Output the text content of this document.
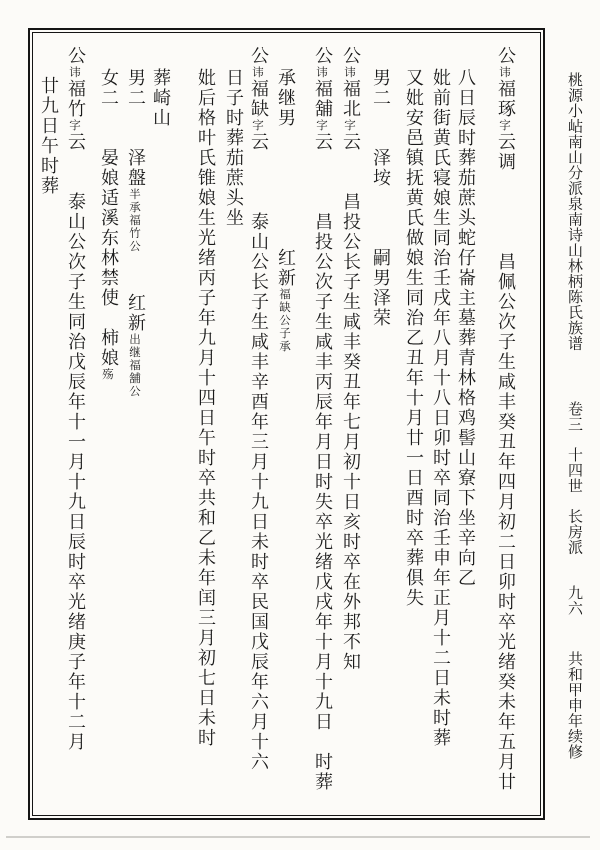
公讳福琢字云调昌佩公次子生咸丰癸丑年四月初二日卯时卒光绪癸未年五月廿
八日辰时葬茄蔗头蛇仔崙主墓葬青林格鸡髻山寮下坐辛向乙
妣前街黄氏寝娘生同治壬戌年八月十八日卯时卒同治壬申年正月十二日未时葬
又妣安邑镇抚黄氏做娘生同治乙丑年十月廿一日酉时卒葬俱失
男二泽垵嗣男泽荣
公讳福北字云昌投公长子生咸丰癸丑年七月初十日亥时卒在外邦不知
公讳福舖字云昌投公次子生咸丰丙辰年月日时失卒光绪戊戌年十月十九日时葬
承继男红新福缺公子承
公讳福缺字云泰山公长子生咸丰辛酉年三月十九日未时卒民国戊辰年六月十六
日子时葬茄蔗头坐
妣后格叶氏锥娘生光绪丙子年九月十四日午时卒共和乙未年闰三月初七日未时
葬崎山
男二泽盤半承福竹公红新出继福舖公
女二晏娘适溪东林禁使柿娘殇
公讳福竹字云泰山公次子生同治戊辰年十一月十九日辰时卒光绪庚子年十二月
廿九日午时葬	桃源小岾南山分派泉南诗山林柄陈氏族谱卷三十四世长房派九六共和甲申年续修
